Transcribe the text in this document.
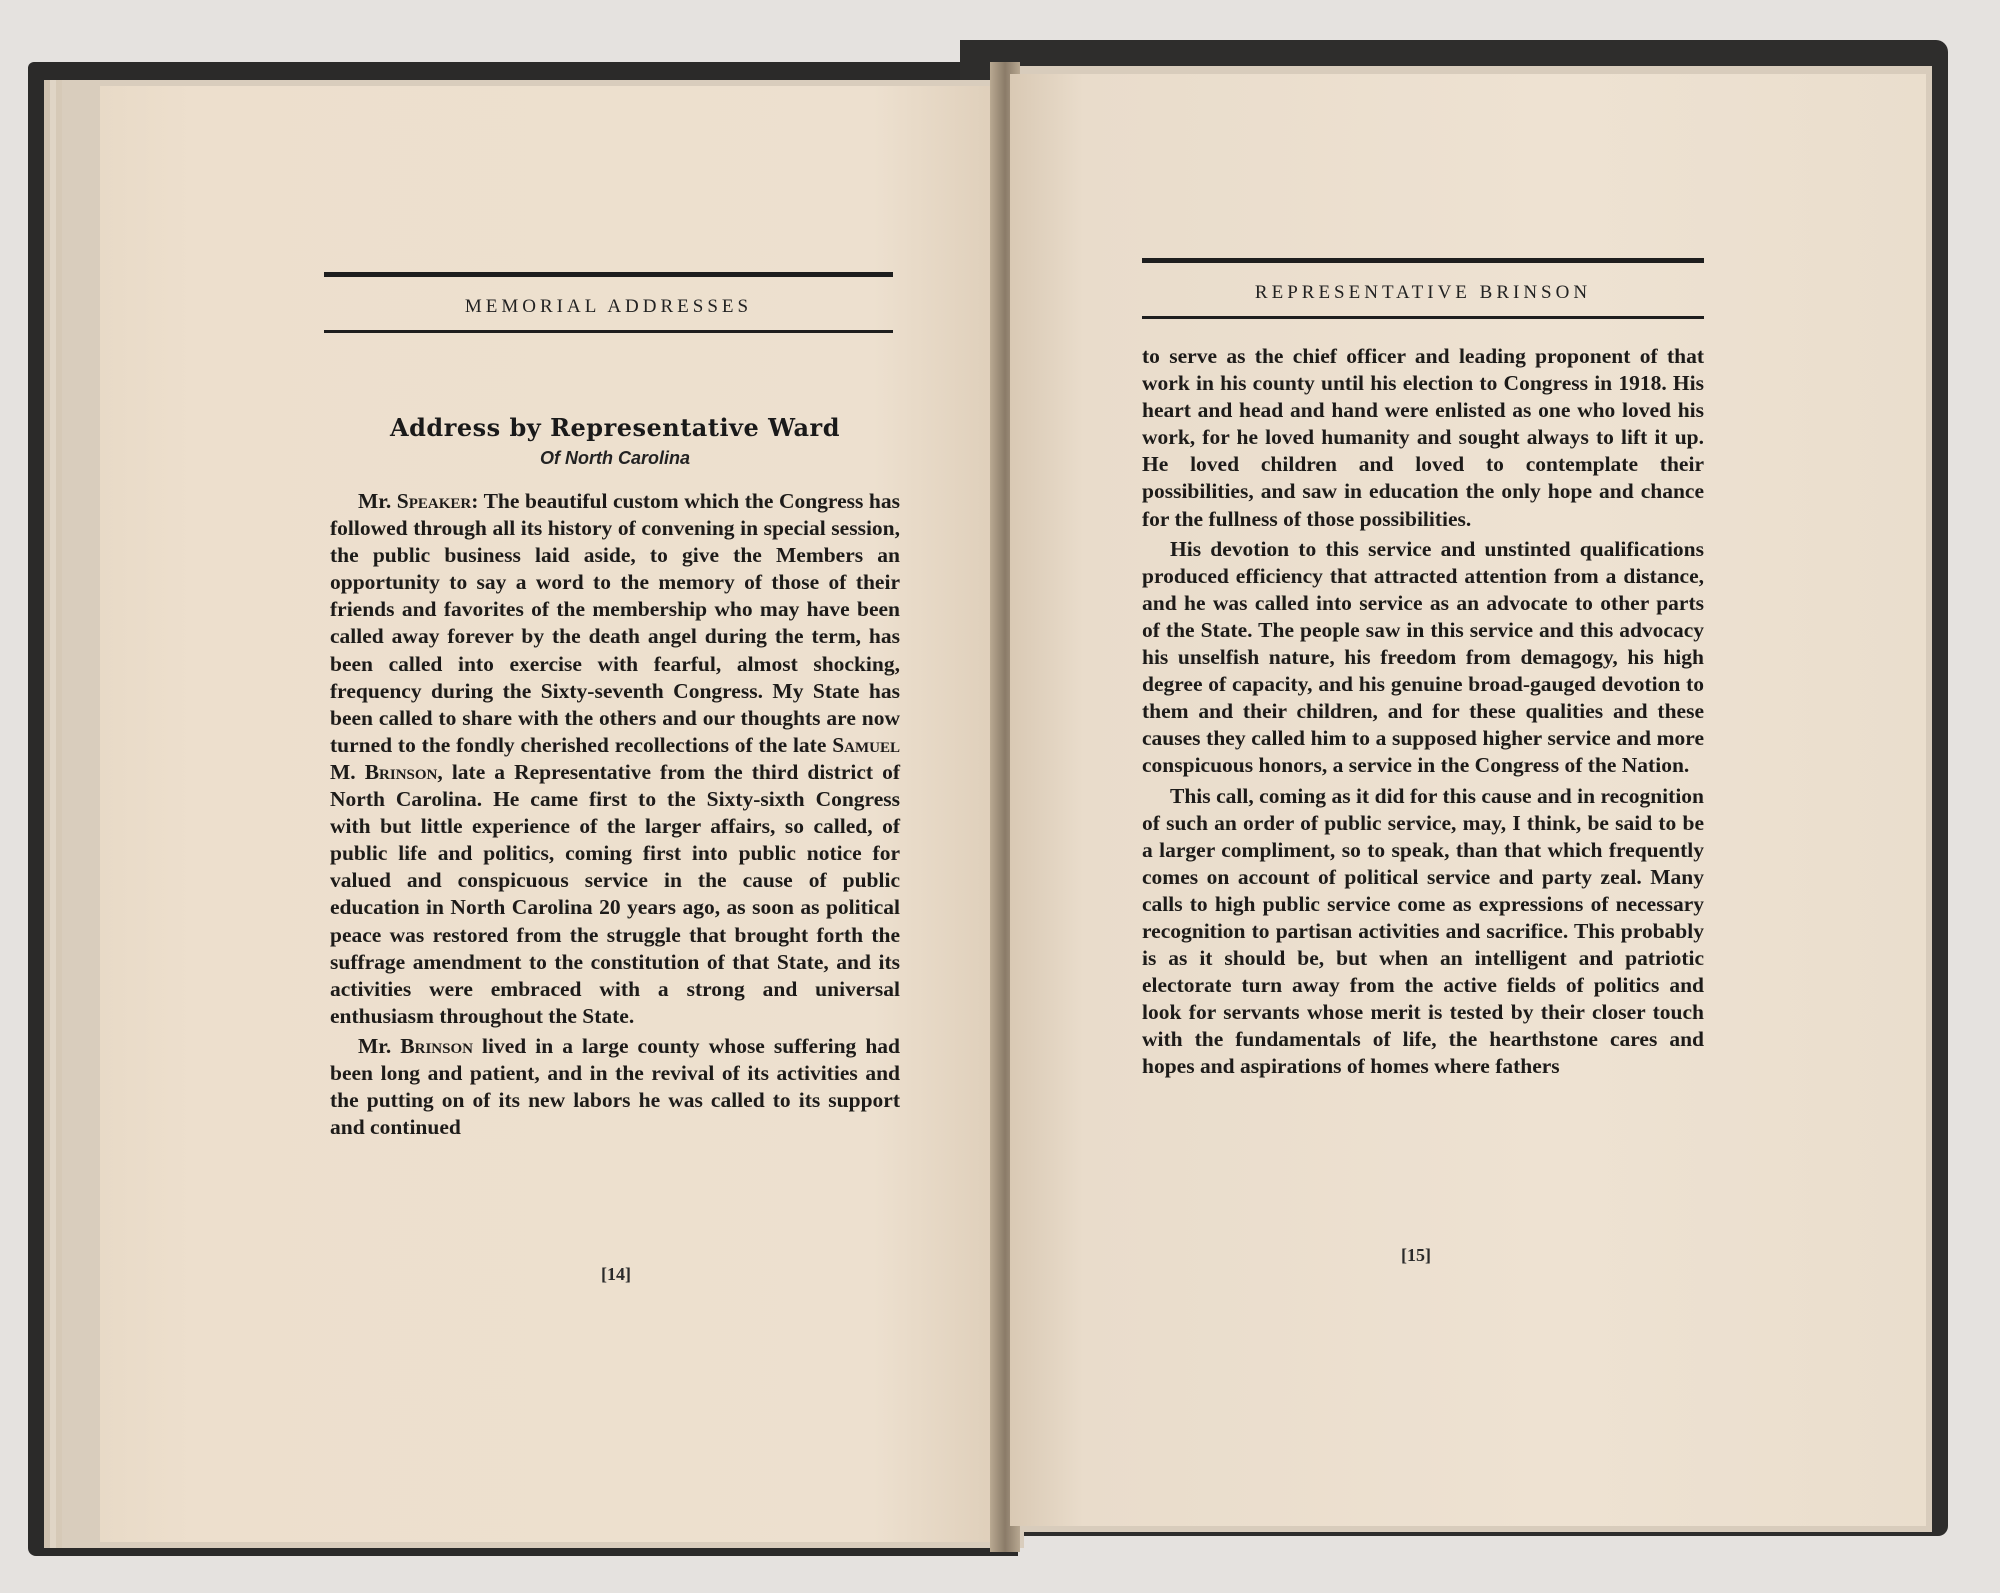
MEMORIAL ADDRESSES
Address by Representative Ward
Of North Carolina

Mr. Speaker: The beautiful custom which the Congress has followed through all its history of convening in special session, the public business laid aside, to give the Members an opportunity to say a word to the memory of those of their friends and favorites of the membership who may have been called away forever by the death angel during the term, has been called into exercise with fearful, almost shocking, frequency during the Sixty-seventh Congress. My State has been called to share with the others and our thoughts are now turned to the fondly cherished recollections of the late Samuel M. Brinson, late a Representative from the third district of North Carolina. He came first to the Sixty-sixth Congress with but little experience of the larger affairs, so called, of public life and politics, coming first into public notice for valued and conspicuous service in the cause of public education in North Carolina 20 years ago, as soon as political peace was restored from the struggle that brought forth the suffrage amendment to the constitution of that State, and its activities were embraced with a strong and universal enthusiasm throughout the State.

Mr. Brinson lived in a large county whose suffering had been long and patient, and in the revival of its activities and the putting on of its new labors he was called to its support and continued

[14]
REPRESENTATIVE BRINSON

to serve as the chief officer and leading proponent of that work in his county until his election to Congress in 1918. His heart and head and hand were enlisted as one who loved his work, for he loved humanity and sought always to lift it up. He loved children and loved to contemplate their possibilities, and saw in education the only hope and chance for the fullness of those possibilities.

His devotion to this service and unstinted qualifications produced efficiency that attracted attention from a distance, and he was called into service as an advocate to other parts of the State. The people saw in this service and this advocacy his unselfish nature, his freedom from demagogy, his high degree of capacity, and his genuine broad-gauged devotion to them and their children, and for these qualities and these causes they called him to a supposed higher service and more conspicuous honors, a service in the Congress of the Nation.

This call, coming as it did for this cause and in recognition of such an order of public service, may, I think, be said to be a larger compliment, so to speak, than that which frequently comes on account of political service and party zeal. Many calls to high public service come as expressions of necessary recognition to partisan activities and sacrifice. This probably is as it should be, but when an intelligent and patriotic electorate turn away from the active fields of politics and look for servants whose merit is tested by their closer touch with the fundamentals of life, the hearthstone cares and hopes and aspirations of homes where fathers

[15]
